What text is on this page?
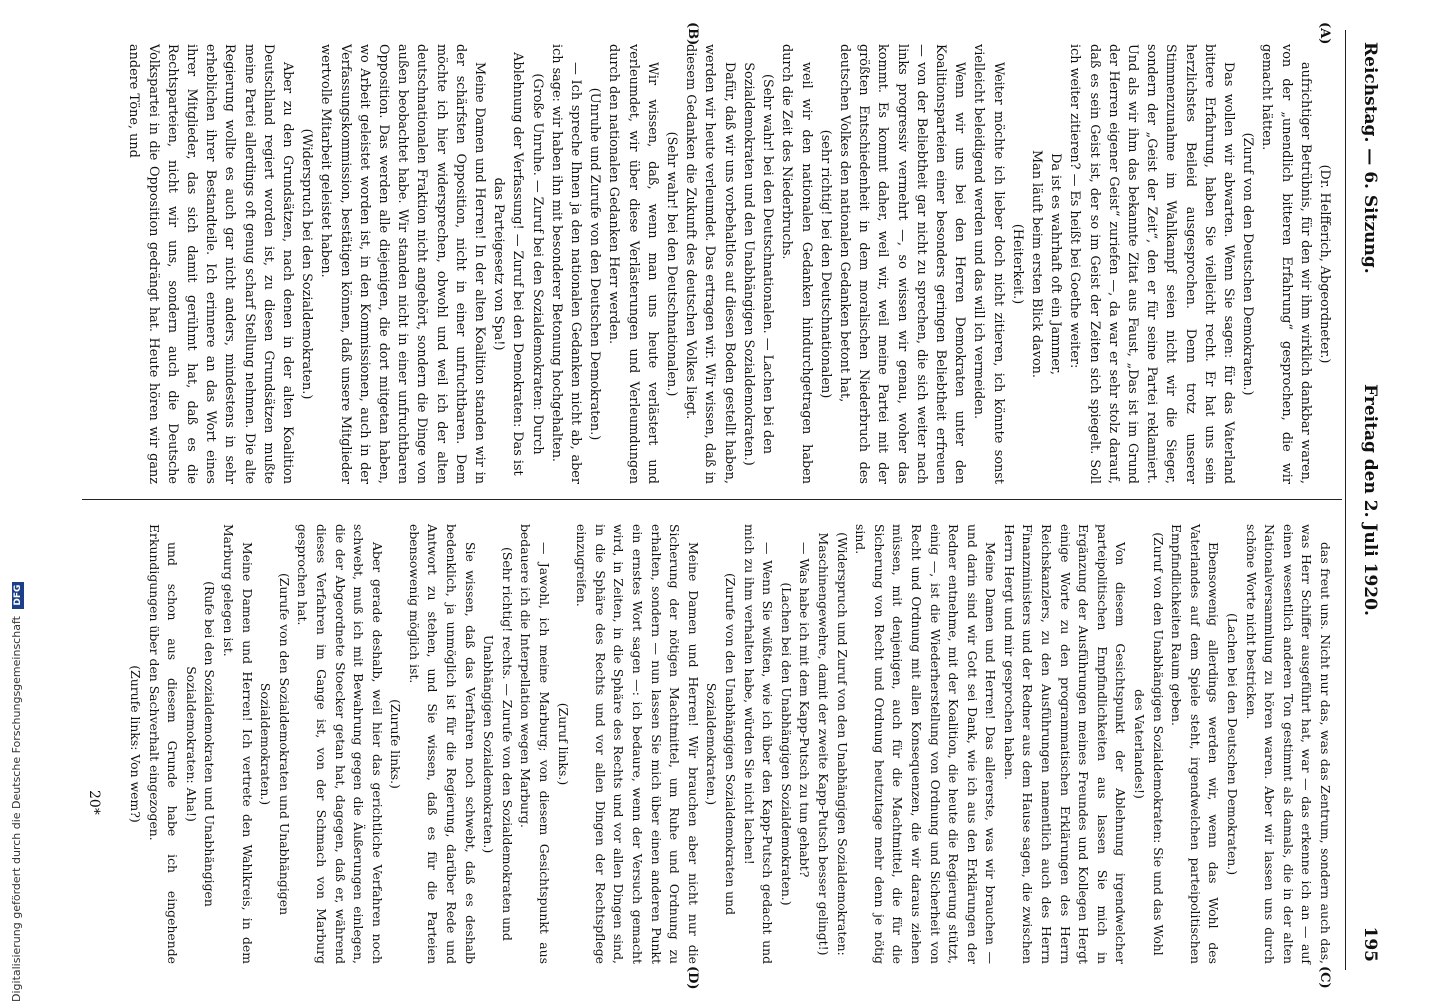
Reichstag. — 6. Sitzung.
Freitag den 2. Juli 1920.
195
(A)
(B)
(C)
(D)

(Dr. Helfferich, Abgeordneter.)

aufrichtiger Betrübnis, für den wir ihm wirklich dankbar waren, von der „unendlich bitteren Erfahrung“ gesprochen, die wir gemacht hätten.

(Zuruf von den Deutschen Demokraten.)

Das wollen wir abwarten. Wenn Sie sagen: für das Vaterland bittere Erfahrung, haben Sie vielleicht recht. Er hat uns sein herzlichstes Beileid ausgesprochen. Denn trotz unserer Stimmenzunahme im Wahlkampf seien nicht wir die Sieger, sondern der „Geist der Zeit“, den er für seine Partei reklamiert. Und als wir ihm das bekannte Zitat aus Faust, „Das ist im Grund der Herren eigener Geist“ zuriefen —, da war er sehr stolz darauf, daß es sein Geist ist, der so im Geist der Zeiten sich spiegelt. Soll ich weiter zitieren? — Es heißt bei Goethe weiter:

Da ist es wahrhaft oft ein Jammer,

Man läuft beim ersten Blick davon.

(Heiterkeit.)

Weiter möchte ich lieber doch nicht zitieren, ich könnte sonst vielleicht beleidigend werden und das will ich vermeiden.

Wenn wir uns bei den Herren Demokraten unter den Koalitionsparteien einer besonders geringen Beliebtheit erfreuen — von der Beliebtheit gar nicht zu sprechen, die sich weiter nach links progressiv vermehrt —, so wissen wir genau, woher das kommt. Es kommt daher, weil wir, weil meine Partei mit der größten Entschiedenheit in dem moralischen Niederbruch des deutschen Volkes den nationalen Gedanken betont hat,

(sehr richtig! bei den Deutschnationalen)

weil wir den nationalen Gedanken hindurchgetragen haben durch die Zeit des Niederbruchs.

(Sehr wahr! bei den Deutschnationalen. — Lachen bei den Sozialdemokraten und den Unabhängigen Sozialdemokraten.)

Dafür, daß wir uns vorbehaltlos auf diesen Boden gestellt haben, werden wir heute verleumdet. Das ertragen wir. Wir wissen, daß in diesem Gedanken die Zukunft des deutschen Volkes liegt.

(Sehr wahr! bei den Deutschnationalen.)

Wir wissen, daß, wenn man uns heute verlästert und verleumdet, wir über diese Verlästerungen und Verleumdungen durch den nationalen Gedanken Herr werden.

(Unruhe und Zurufe von den Deutschen Demokraten.)

— Ich spreche Ihnen ja den nationalen Gedanken nicht ab, aber ich sage: wir haben ihn mit besonderer Betonung hochgehalten.

(Große Unruhe. — Zuruf bei den Sozialdemokraten: Durch Ablehnung der Verfassung! — Zuruf bei den Demokraten: Das ist das Parteigesetz von Spa!)

Meine Damen und Herren! In der alten Koalition standen wir in der schärfsten Opposition, nicht in einer unfruchtbaren. Dem möchte ich hier widersprechen, obwohl und weil ich der alten deutschnationalen Fraktion nicht angehört, sondern die Dinge von außen beobachtet habe. Wir standen nicht in einer unfruchtbaren Opposition. Das werden alle diejenigen, die dort mitgetan haben, wo Arbeit geleistet worden ist, in den Kommissionen, auch in der Verfassungskommission, bestätigen können, daß unsere Mitglieder wertvolle Mitarbeit geleistet haben.

(Widerspruch bei den Sozialdemokraten.)

Aber zu den Grundsätzen, nach denen in der alten Koalition Deutschland regiert worden ist, zu diesen Grundsätzen mußte meine Partei allerdings oft genug scharf Stellung nehmen. Die alte Regierung wollte es auch gar nicht anders, mindestens in sehr erheblichen ihrer Bestandteile. Ich erinnere an das Wort eines ihrer Mitglieder, das sich damit gerühmt hat, daß es die Rechtsparteien, nicht wir uns, sondern auch die Deutsche Volkspartei in die Opposition gedrängt hat. Heute hören wir ganz andere Töne, und

das freut uns. Nicht nur das, was das Zentrum, sondern auch das, was Herr Schiffer ausgeführt hat, war — das erkenne ich an — auf einen wesentlich anderen Ton gestimmt als damals, die in der alten Nationalversammlung zu hören waren. Aber wir lassen uns durch schöne Worte nicht bestricken.

(Lachen bei den Deutschen Demokraten.)

Ebensowenig allerdings werden wir, wenn das Wohl des Vaterlandes auf dem Spiele steht, irgendwelchen parteipolitischen Empfindlichkeiten Raum geben.

(Zuruf von den Unabhängigen Sozialdemokraten: Sie und das Wohl des Vaterlandes!)

Von diesem Gesichtspunkt der Ablehnung irgendwelcher parteipolitischen Empfindlichkeiten aus lassen Sie mich in Ergänzung der Ausführungen meines Freundes und Kollegen Hergt einige Worte zu den programmatischen Erklärungen des Herrn Reichskanzlers, zu den Ausführungen namentlich auch des Herrn Finanzministers und der Redner aus dem Hause sagen, die zwischen Herrn Hergt und mir gesprochen haben.

Meine Damen und Herren! Das allererste, was wir brauchen — und darin sind wir Gott sei Dank, wie ich aus den Erklärungen der Redner entnehme, mit der Koalition, die heute die Regierung stützt, einig —, ist die Wiederherstellung von Ordnung und Sicherheit von Recht und Ordnung mit allen Konsequenzen, die wir daraus ziehen müssen, mit denjenigen, auch für die Machtmittel, die für die Sicherung von Recht und Ordnung heutzutage mehr denn je nötig sind.

(Widerspruch und Zuruf von den Unabhängigen Sozialdemokraten: Maschinengewehre, damit der zweite Kapp-Putsch besser gelingt!)

— Was habe ich mit dem Kapp-Putsch zu tun gehabt?

(Lachen bei den Unabhängigen Sozialdemokraten.)

— Wenn Sie wüßten, wie ich über den Kapp-Putsch gedacht und mich zu ihm verhalten habe, würden Sie nicht lachen!

(Zurufe von den Unabhängigen Sozialdemokraten und Sozialdemokraten.)

Meine Damen und Herren! Wir brauchen aber nicht nur die Sicherung der nötigen Machtmittel, um Ruhe und Ordnung zu erhalten, sondern — nun lassen Sie mich über einen anderen Punkt ein ernstes Wort sagen —: ich bedaure, wenn der Versuch gemacht wird, in Zeiten, in die Sphäre des Rechts und vor allen Dingen sind, in die Sphäre des Rechts und vor allen Dingen der Rechtspflege einzugreifen.

(Zuruf links.)

— Jawohl, ich meine Marburg; von diesem Gesichtspunkt aus bedauere ich die Interpellation wegen Marburg.

(Sehr richtig! rechts. — Zurufe von den Sozialdemokraten und Unabhängigen Sozialdemokraten.)

Sie wissen, daß das Verfahren noch schwebt, daß es deshalb bedenklich, ja unmöglich ist für die Regierung, darüber Rede und Antwort zu stehen, und Sie wissen, daß es für die Parteien ebensowenig möglich ist.

(Zurufe links.)

Aber gerade deshalb, weil hier das gerichtliche Verfahren noch schwebt, muß ich mit Bewahrung gegen die Äußerungen einlegen, die der Abgeordnete Stoecker getan hat, dagegen, daß er, während dieses Verfahren im Gange ist, von der Schmach von Marburg gesprochen hat.

(Zurufe von den Sozialdemokraten und Unabhängigen Sozialdemokraten.)

Meine Damen und Herren! Ich vertrete den Wahlkreis, in dem Marburg gelegen ist.

(Rufe bei den Sozialdemokraten und Unabhängigen Sozialdemokraten: Aha!)

und schon aus diesem Grunde habe ich eingehende Erkundigungen über den Sachverhalt eingezogen.

(Zurufe links: Von wem?)

20*
Digitalisierung gefördert durch die Deutsche Forschungsgemeinschaft DFG
